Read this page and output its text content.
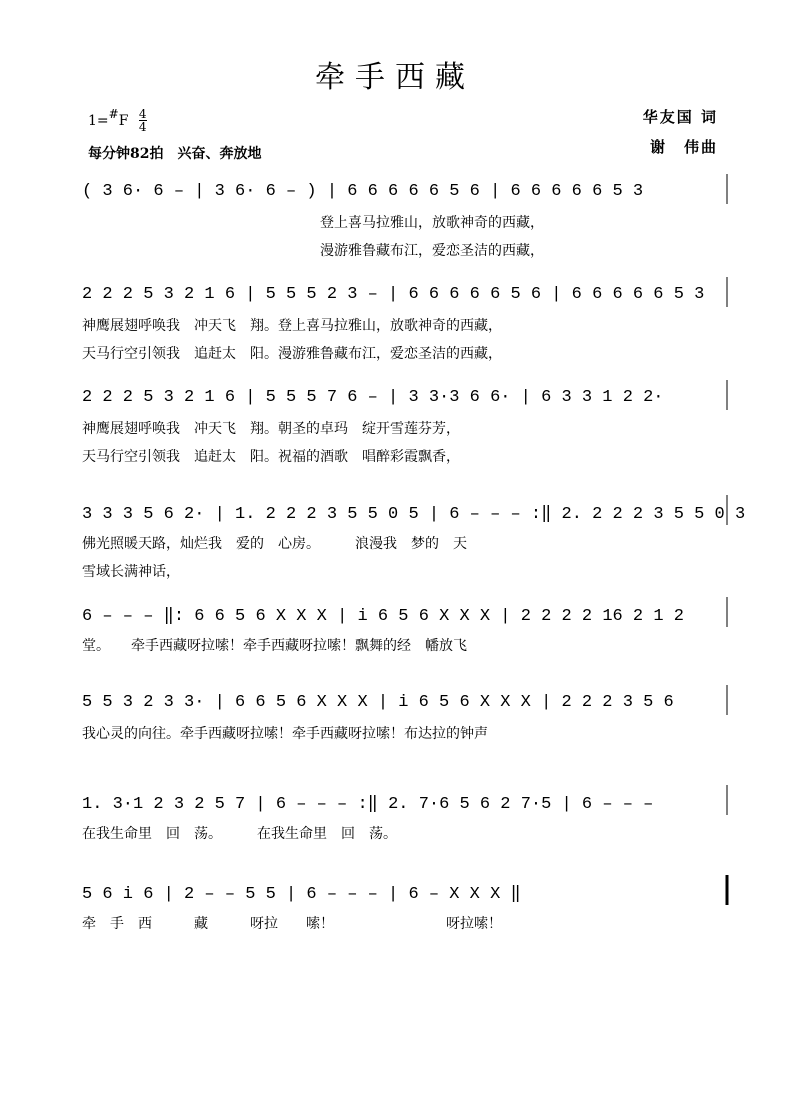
牵手西藏
1=#F $\frac{4}{4}$
每分钟82拍　兴奋、奔放地
华友国 词
谢　伟曲
( 3 6· 6 – | 3 6· 6 – ) | 6 6 6 6 6 5 6 | 6 6 6 6 6 5 3
　　　　　　　　　　　　　　　　　登上喜马拉雅山，放歌神奇的西藏，
　　　　　　　　　　　　　　　　　漫游雅鲁藏布江，爱恋圣洁的西藏，
2 2 2 5 3 2 1 6 | 5 5 5 2 3 – | 6 6 6 6 6 5 6 | 6 6 6 6 6 5 3
神鹰展翅呼唤我　冲天飞　翔。登上喜马拉雅山，放歌神奇的西藏，
天马行空引领我　追赶太　阳。漫游雅鲁藏布江，爱恋圣洁的西藏，
2 2 2 5 3 2 1 6 | 5 5 5 7 6 – | 3 3·3 6 6· | 6 3 3 1 2 2·
神鹰展翅呼唤我　冲天飞　翔。朝圣的卓玛　绽开雪莲芬芳，
天马行空引领我　追赶太　阳。祝福的酒歌　唱醉彩霞飘香，
3 3 3 5 6 2· | 1. 2 2 2 3 5 5 0 5 | 6 – – – :‖ 2. 2 2 2 3 5 5 0 3
佛光照暖天路，灿烂我　爱的　心房。　　　浪漫我　梦的　天
雪域长满神话，
6 – – – ‖: 6 6 5 6 X X X | i 6 5 6 X X X | 2 2 2 2 16 2 1 2
堂。　　牵手西藏呀拉嗦！牵手西藏呀拉嗦！飘舞的经　幡放飞
5 5 3 2 3 3· | 6 6 5 6 X X X | i 6 5 6 X X X | 2 2 2 3 5 6
我心灵的向往。牵手西藏呀拉嗦！牵手西藏呀拉嗦！布达拉的钟声
1. 3·1 2 3 2 5 7 | 6 – – – :‖ 2. 7·6 5 6 2 7·5 | 6 – – –
在我生命里　回　荡。　　　在我生命里　回　荡。
5 6 i 6 | 2 – – 5 5 | 6 – – – | 6 – X X X ‖
牵　手　西　　　藏　　　呀拉　　嗦！　　　　　　　　呀拉嗦！
